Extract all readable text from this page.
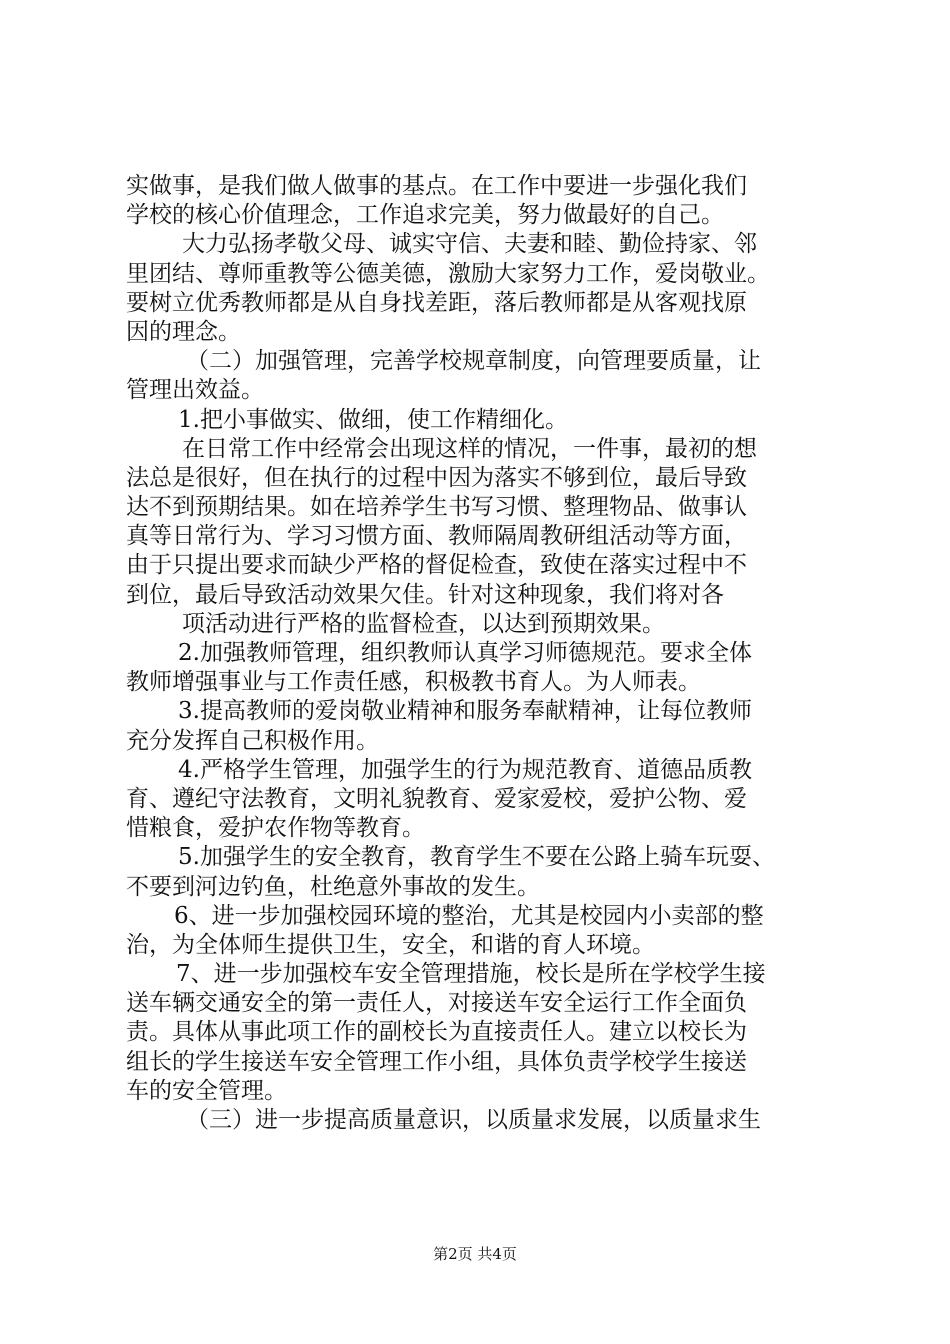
实做事，是我们做人做事的基点。在工作中要进一步强化我们
学校的核心价值理念，工作追求完美，努力做最好的自己。
大力弘扬孝敬父母、诚实守信、夫妻和睦、勤俭持家、邻
里团结、尊师重教等公德美德，激励大家努力工作，爱岗敬业。
要树立优秀教师都是从自身找差距，落后教师都是从客观找原
因的理念。
（二）加强管理，完善学校规章制度，向管理要质量，让
管理出效益。
1.把小事做实、做细，使工作精细化。
在日常工作中经常会出现这样的情况，一件事，最初的想
法总是很好，但在执行的过程中因为落实不够到位，最后导致
达不到预期结果。如在培养学生书写习惯、整理物品、做事认
真等日常行为、学习习惯方面、教师隔周教研组活动等方面，
由于只提出要求而缺少严格的督促检查，致使在落实过程中不
到位，最后导致活动效果欠佳。针对这种现象，我们将对各
项活动进行严格的监督检查，以达到预期效果。
2.加强教师管理，组织教师认真学习师德规范。要求全体
教师增强事业与工作责任感，积极教书育人。为人师表。
3.提高教师的爱岗敬业精神和服务奉献精神，让每位教师
充分发挥自己积极作用。
4.严格学生管理，加强学生的行为规范教育、道德品质教
育、遵纪守法教育，文明礼貌教育、爱家爱校，爱护公物、爱
惜粮食，爱护农作物等教育。
5.加强学生的安全教育，教育学生不要在公路上骑车玩耍、
不要到河边钓鱼，杜绝意外事故的发生。
6、进一步加强校园环境的整治，尤其是校园内小卖部的整
治，为全体师生提供卫生，安全，和谐的育人环境。
7、进一步加强校车安全管理措施，校长是所在学校学生接
送车辆交通安全的第一责任人，对接送车安全运行工作全面负
责。具体从事此项工作的副校长为直接责任人。建立以校长为
组长的学生接送车安全管理工作小组，具体负责学校学生接送
车的安全管理。
（三）进一步提高质量意识，以质量求发展，以质量求生
第2页 共4页
